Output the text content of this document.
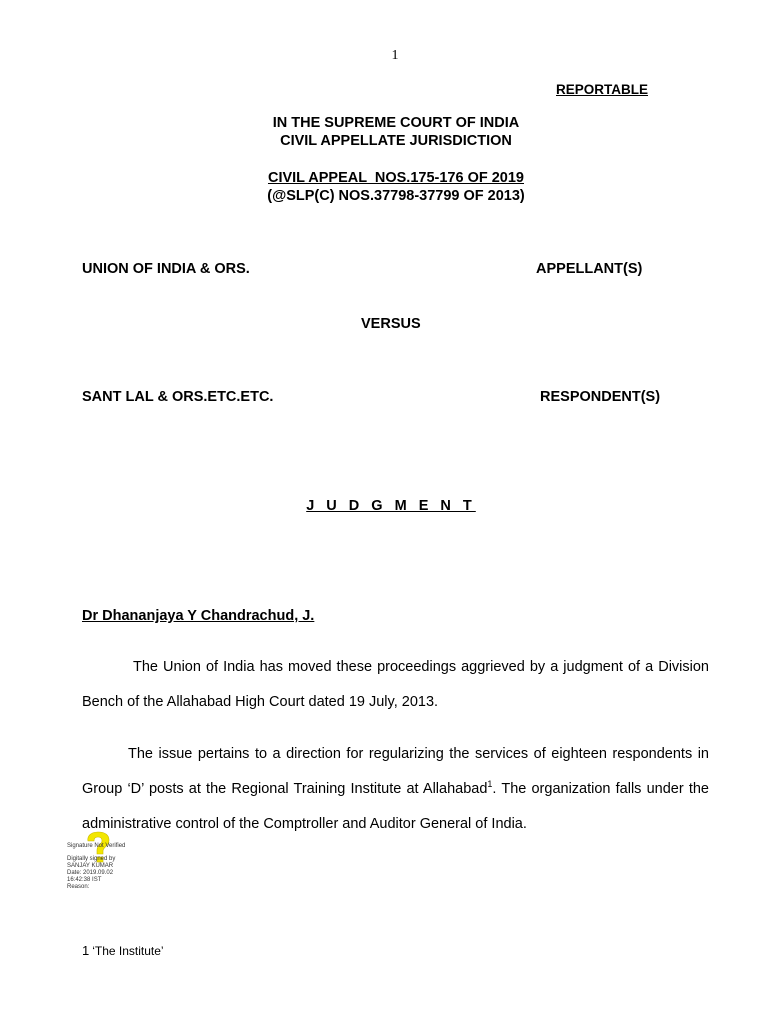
1
REPORTABLE
IN THE SUPREME COURT OF INDIA
CIVIL APPELLATE JURISDICTION
CIVIL APPEAL  NOS.175-176 OF 2019
(@SLP(C) NOS.37798-37799 OF 2013)
UNION OF INDIA & ORS.	APPELLANT(S)
VERSUS
SANT LAL & ORS.ETC.ETC.	RESPONDENT(S)
J U D G M E N T
Dr Dhananjaya Y Chandrachud, J.
The Union of India has moved these proceedings aggrieved by a judgment of a Division Bench of the Allahabad High Court dated 19 July, 2013.
The issue pertains to a direction for regularizing the services of eighteen respondents in Group ‘D’ posts at the Regional Training Institute at Allahabad$^1$. The organization falls under the administrative control of the Comptroller and Auditor General of India.
Signature Not Verified
Digitally signed by
SANJAY KUMAR
Date: 2019.09.02
16:42:38 IST
Reason:
1 ‘The Institute’
